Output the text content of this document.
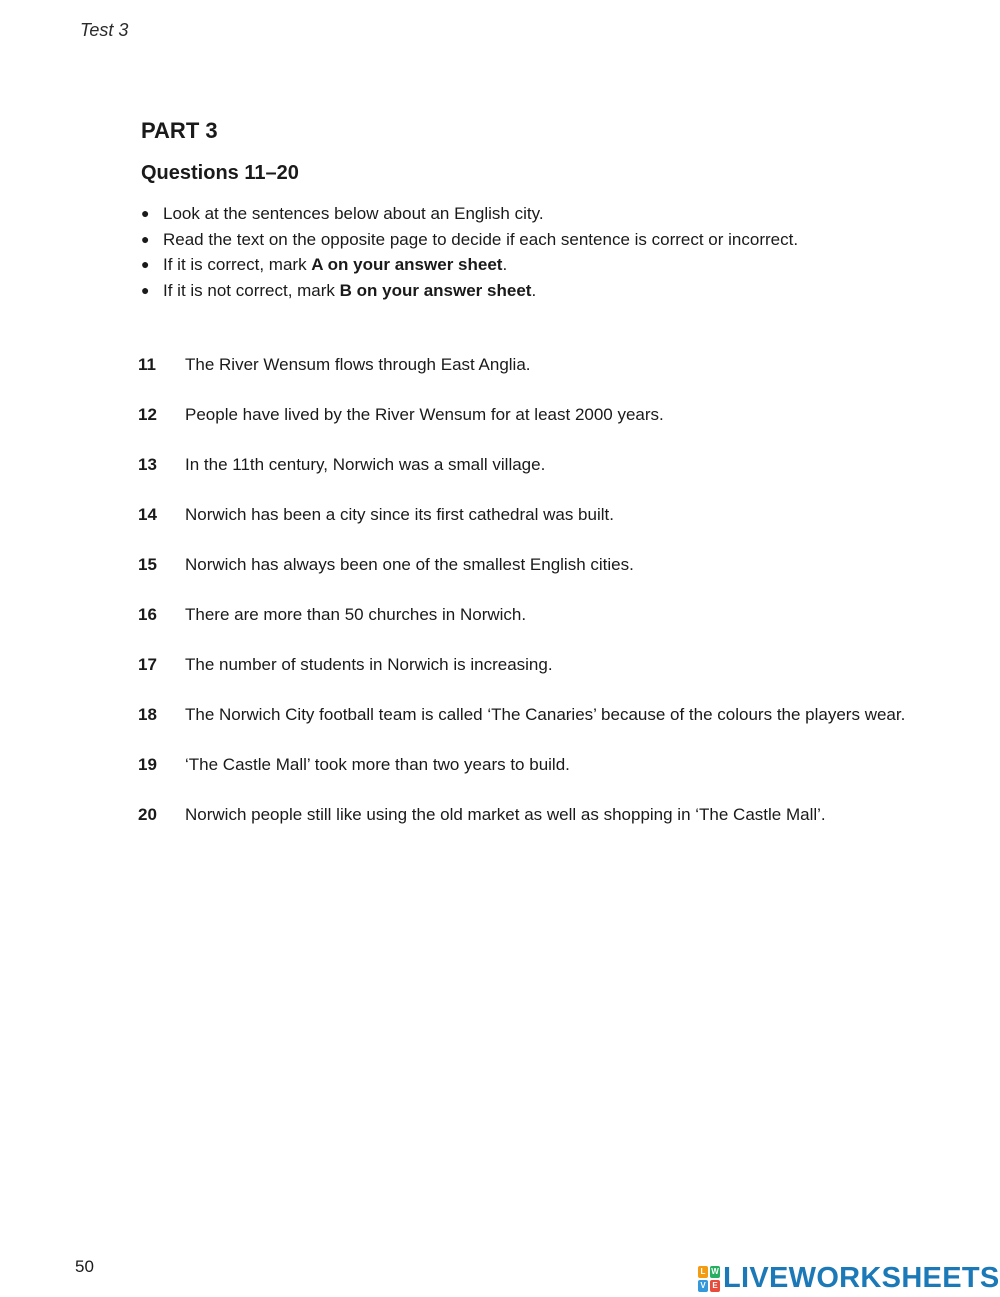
Test 3
PART 3
Questions 11–20
● Look at the sentences below about an English city.
● Read the text on the opposite page to decide if each sentence is correct or incorrect.
● If it is correct, mark A on your answer sheet.
● If it is not correct, mark B on your answer sheet.
11	The River Wensum flows through East Anglia.
12	People have lived by the River Wensum for at least 2000 years.
13	In the 11th century, Norwich was a small village.
14	Norwich has been a city since its first cathedral was built.
15	Norwich has always been one of the smallest English cities.
16	There are more than 50 churches in Norwich.
17	The number of students in Norwich is increasing.
18	The Norwich City football team is called ‘The Canaries’ because of the colours the players wear.
19	‘The Castle Mall’ took more than two years to build.
20	Norwich people still like using the old market as well as shopping in ‘The Castle Mall’.
50	L W
V E LIVEWORKSHEETS
